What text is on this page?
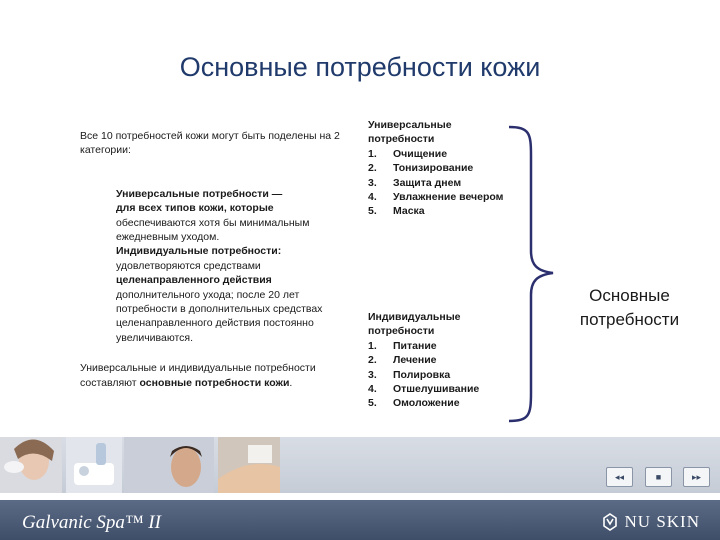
Основные потребности кожи

Все 10 потребностей кожи могут быть поделены на 2 категории:

Универсальные потребности —
для всех типов кожи, которые
обеспечиваются хотя бы минимальным ежедневным уходом.
Индивидуальные потребности:
удовлетворяются средствами
целенаправленного действия
дополнительного ухода; после 20 лет потребности в дополнительных средствах целенаправленного действия постоянно увеличиваются.

Универсальные и индивидуальные потребности составляют основные потребности кожи.

Универсальные потребности
1.	Очищение
2.	Тонизирование
3.	Защита днем
4.	Увлажнение вечером
5.	Маска
Индивидуальные потребности
1.	Питание
2.	Лечение
3.	Полировка
4.	Отшелушивание
5.	Омоложение
Основные потребности
◂◂	■	▸▸
Galvanic Spa™ II	NU SKIN
